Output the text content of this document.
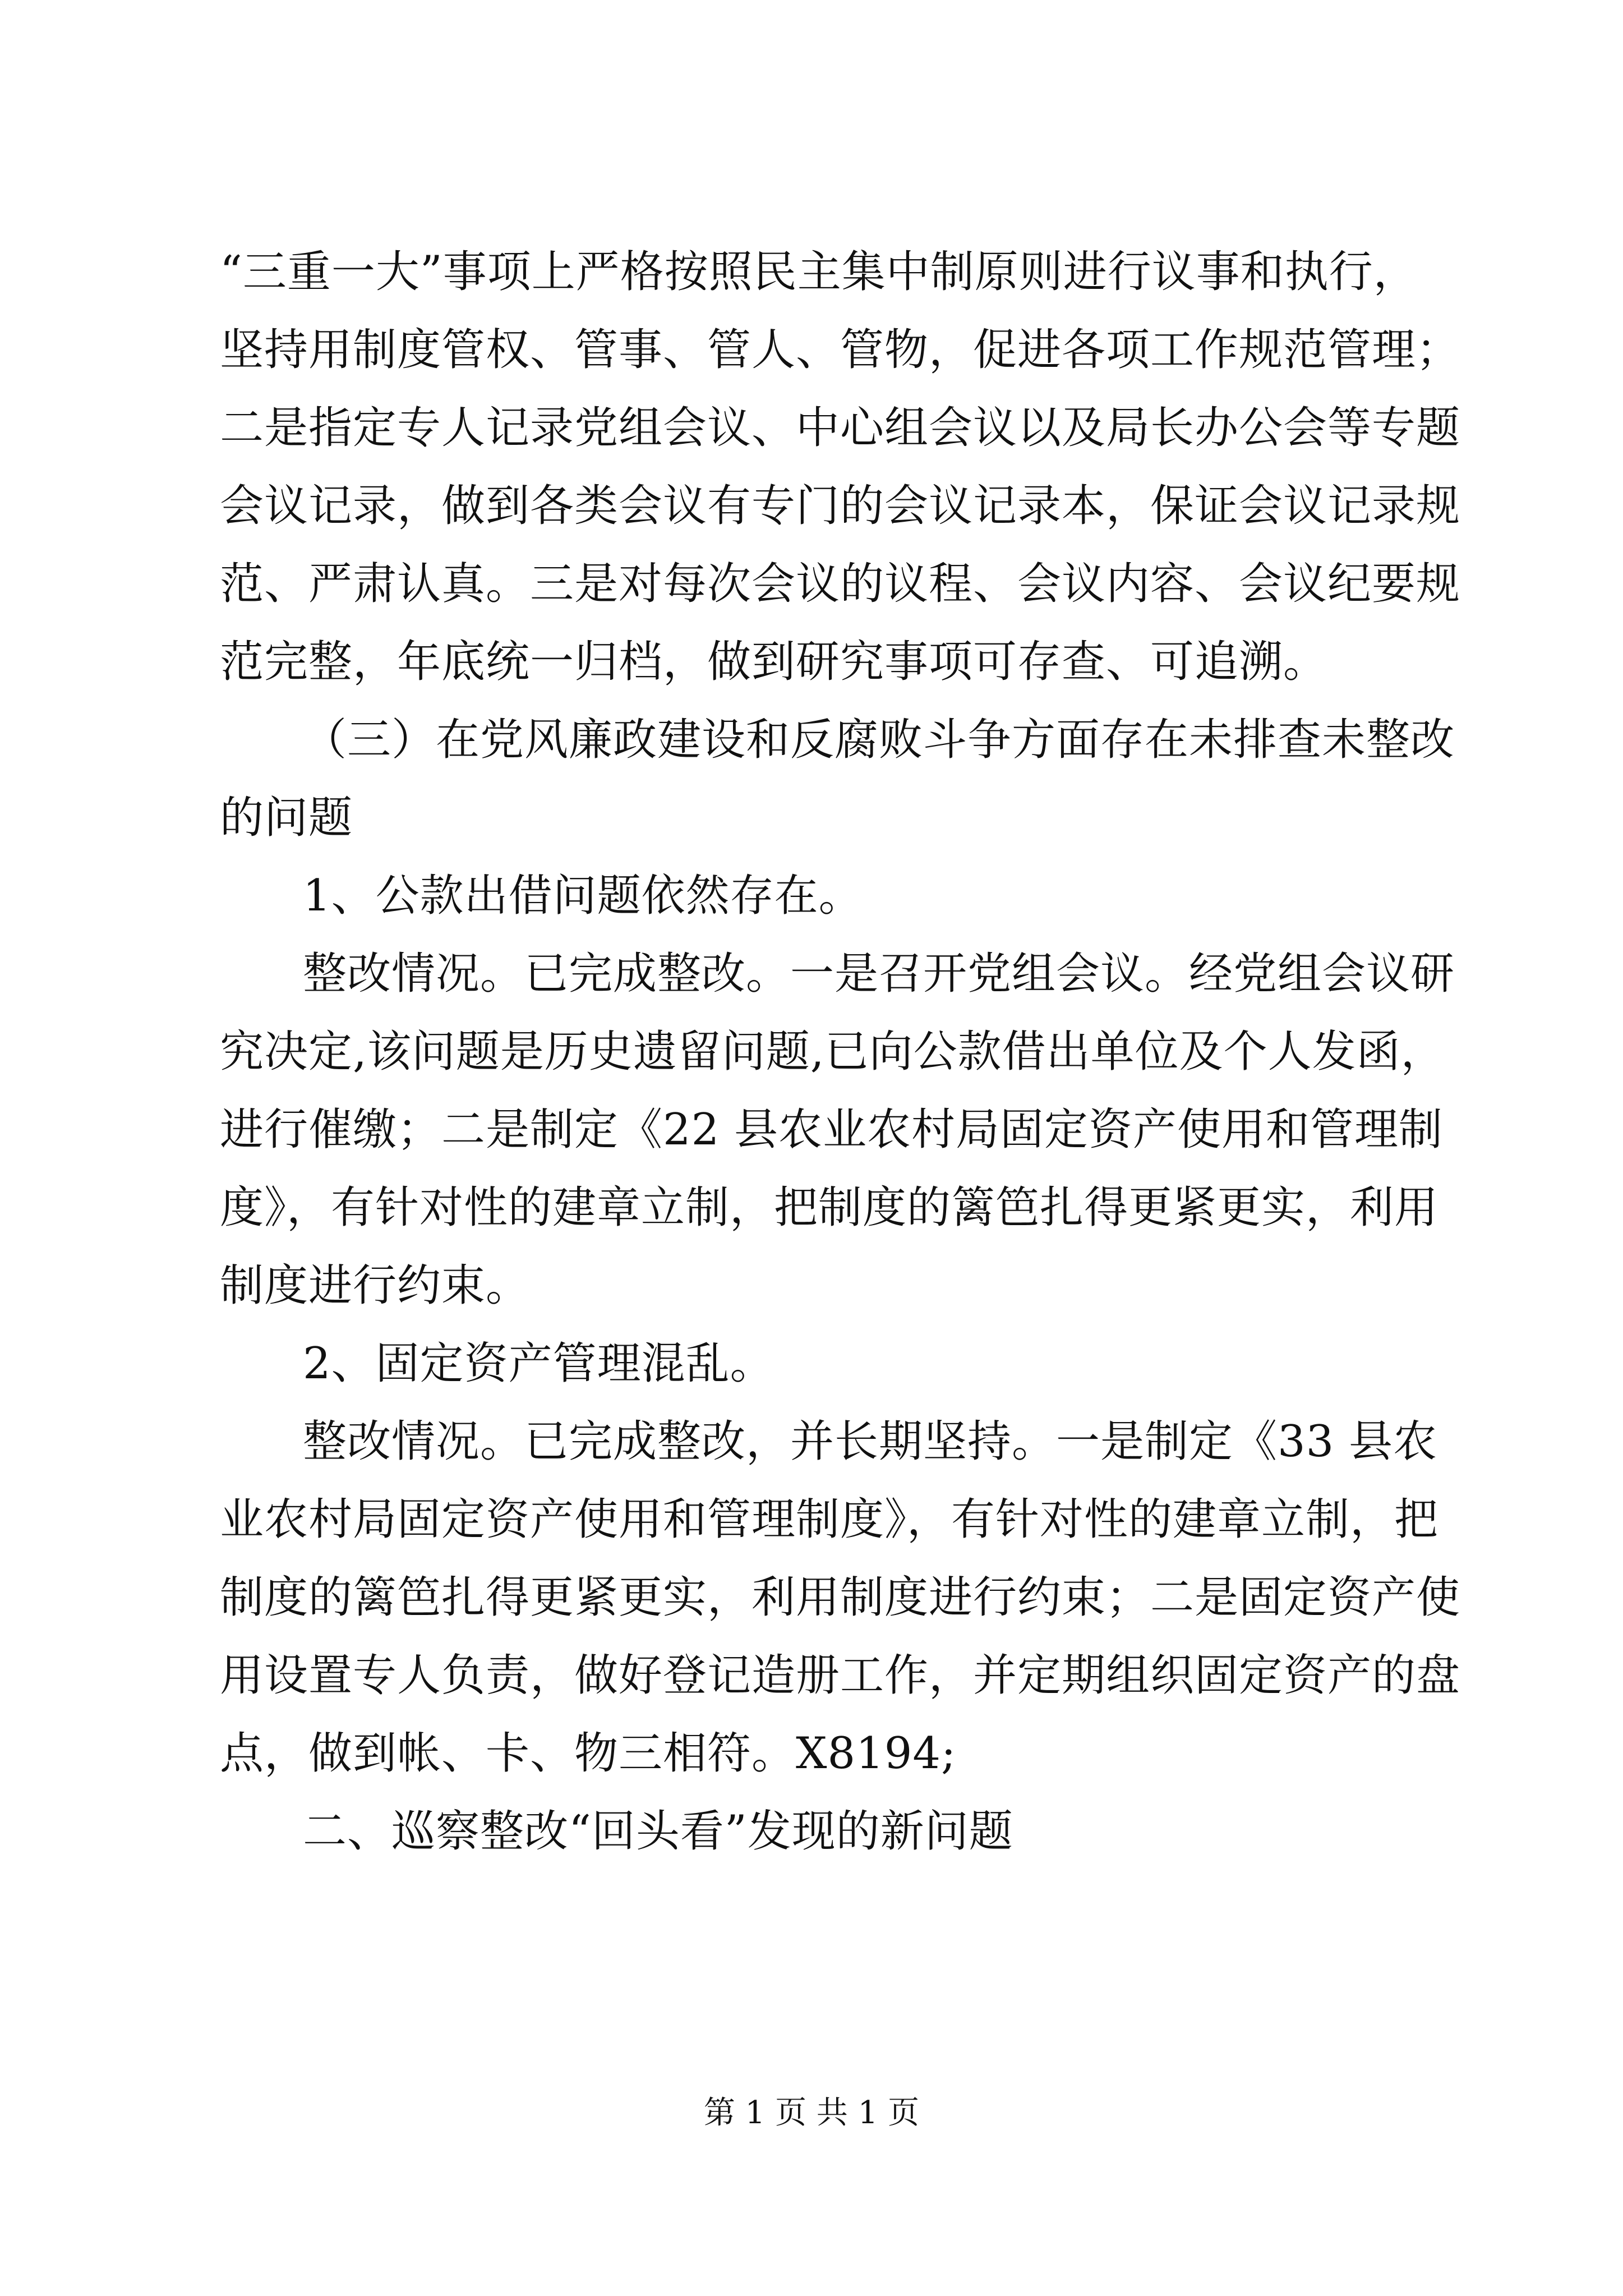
“三重一大”事项上严格按照民主集中制原则进行议事和执行，
坚持用制度管权、管事、管人、管物，促进各项工作规范管理；
二是指定专人记录党组会议、中心组会议以及局长办公会等专题
会议记录，做到各类会议有专门的会议记录本，保证会议记录规
范、严肃认真。三是对每次会议的议程、会议内容、会议纪要规
范完整，年底统一归档，做到研究事项可存查、可追溯。
（三）在党风廉政建设和反腐败斗争方面存在未排查未整改
的问题
1、公款出借问题依然存在。
整改情况。已完成整改。一是召开党组会议。经党组会议研
究决定,该问题是历史遗留问题,已向公款借出单位及个人发函，
进行催缴；二是制定《22 县农业农村局固定资产使用和管理制
度》，有针对性的建章立制，把制度的篱笆扎得更紧更实，利用
制度进行约束。
2、固定资产管理混乱。
整改情况。已完成整改，并长期坚持。一是制定《33 县农
业农村局固定资产使用和管理制度》，有针对性的建章立制，把
制度的篱笆扎得更紧更实，利用制度进行约束；二是固定资产使
用设置专人负责，做好登记造册工作，并定期组织固定资产的盘
点，做到帐、卡、物三相符。X8194;
二、巡察整改“回头看”发现的新问题
第 1 页 共 1 页
